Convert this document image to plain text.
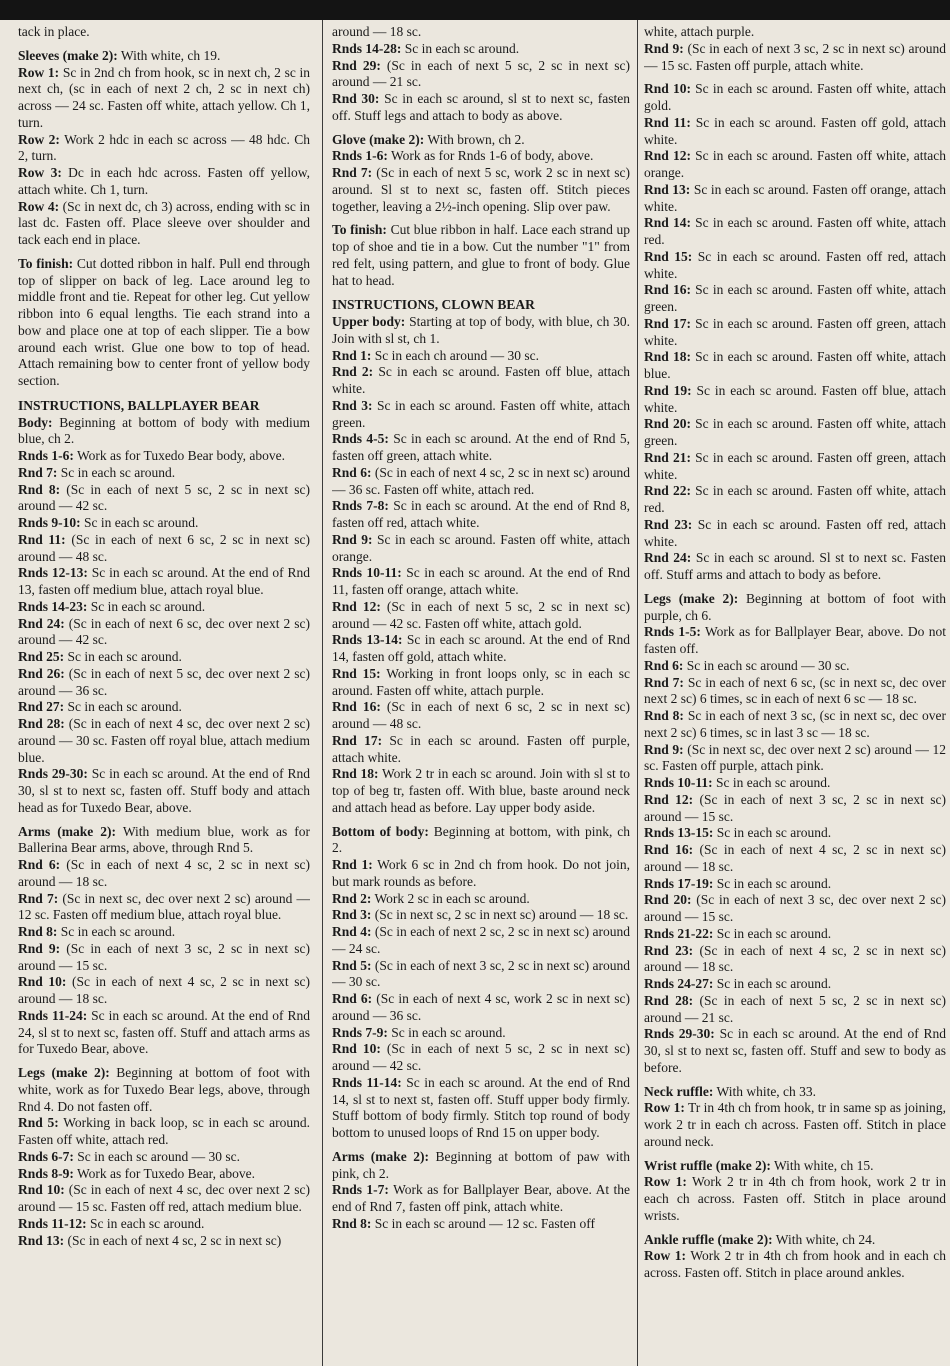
tack in place.

Sleeves (make 2): With white, ch 19.

Row 1: Sc in 2nd ch from hook, sc in next ch, 2 sc in next ch, (sc in each of next 2 ch, 2 sc in next ch) across — 24 sc. Fasten off white, attach yellow. Ch 1, turn.

Row 2: Work 2 hdc in each sc across — 48 hdc. Ch 2, turn.

Row 3: Dc in each hdc across. Fasten off yellow, attach white. Ch 1, turn.

Row 4: (Sc in next dc, ch 3) across, ending with sc in last dc. Fasten off. Place sleeve over shoulder and tack each end in place.

To finish: Cut dotted ribbon in half. Pull end through top of slipper on back of leg. Lace around leg to middle front and tie. Repeat for other leg. Cut yellow ribbon into 6 equal lengths. Tie each strand into a bow and place one at top of each slipper. Tie a bow around each wrist. Glue one bow to top of head. Attach remaining bow to center front of yellow body section.

INSTRUCTIONS, BALLPLAYER BEAR

Body: Beginning at bottom of body with medium blue, ch 2.

Rnds 1-6: Work as for Tuxedo Bear body, above.

Rnd 7: Sc in each sc around.

Rnd 8: (Sc in each of next 5 sc, 2 sc in next sc) around — 42 sc.

Rnds 9-10: Sc in each sc around.

Rnd 11: (Sc in each of next 6 sc, 2 sc in next sc) around — 48 sc.

Rnds 12-13: Sc in each sc around. At the end of Rnd 13, fasten off medium blue, attach royal blue.

Rnds 14-23: Sc in each sc around.

Rnd 24: (Sc in each of next 6 sc, dec over next 2 sc) around — 42 sc.

Rnd 25: Sc in each sc around.

Rnd 26: (Sc in each of next 5 sc, dec over next 2 sc) around — 36 sc.

Rnd 27: Sc in each sc around.

Rnd 28: (Sc in each of next 4 sc, dec over next 2 sc) around — 30 sc. Fasten off royal blue, attach medium blue.

Rnds 29-30: Sc in each sc around. At the end of Rnd 30, sl st to next sc, fasten off. Stuff body and attach head as for Tuxedo Bear, above.

Arms (make 2): With medium blue, work as for Ballerina Bear arms, above, through Rnd 5.

Rnd 6: (Sc in each of next 4 sc, 2 sc in next sc) around — 18 sc.

Rnd 7: (Sc in next sc, dec over next 2 sc) around — 12 sc. Fasten off medium blue, attach royal blue.

Rnd 8: Sc in each sc around.

Rnd 9: (Sc in each of next 3 sc, 2 sc in next sc) around — 15 sc.

Rnd 10: (Sc in each of next 4 sc, 2 sc in next sc) around — 18 sc.

Rnds 11-24: Sc in each sc around. At the end of Rnd 24, sl st to next sc, fasten off. Stuff and attach arms as for Tuxedo Bear, above.

Legs (make 2): Beginning at bottom of foot with white, work as for Tuxedo Bear legs, above, through Rnd 4. Do not fasten off.

Rnd 5: Working in back loop, sc in each sc around. Fasten off white, attach red.

Rnds 6-7: Sc in each sc around — 30 sc.

Rnds 8-9: Work as for Tuxedo Bear, above.

Rnd 10: (Sc in each of next 4 sc, dec over next 2 sc) around — 15 sc. Fasten off red, attach medium blue.

Rnds 11-12: Sc in each sc around.

Rnd 13: (Sc in each of next 4 sc, 2 sc in next sc)

around — 18 sc.

Rnds 14-28: Sc in each sc around.

Rnd 29: (Sc in each of next 5 sc, 2 sc in next sc) around — 21 sc.

Rnd 30: Sc in each sc around, sl st to next sc, fasten off. Stuff legs and attach to body as above.

Glove (make 2): With brown, ch 2.

Rnds 1-6: Work as for Rnds 1-6 of body, above.

Rnd 7: (Sc in each of next 5 sc, work 2 sc in next sc) around. Sl st to next sc, fasten off. Stitch pieces together, leaving a 2½-inch opening. Slip over paw.

To finish: Cut blue ribbon in half. Lace each strand up top of shoe and tie in a bow. Cut the number "1" from red felt, using pattern, and glue to front of body. Glue hat to head.

INSTRUCTIONS, CLOWN BEAR

Upper body: Starting at top of body, with blue, ch 30. Join with sl st, ch 1.

Rnd 1: Sc in each ch around — 30 sc.

Rnd 2: Sc in each sc around. Fasten off blue, attach white.

Rnd 3: Sc in each sc around. Fasten off white, attach green.

Rnds 4-5: Sc in each sc around. At the end of Rnd 5, fasten off green, attach white.

Rnd 6: (Sc in each of next 4 sc, 2 sc in next sc) around — 36 sc. Fasten off white, attach red.

Rnds 7-8: Sc in each sc around. At the end of Rnd 8, fasten off red, attach white.

Rnd 9: Sc in each sc around. Fasten off white, attach orange.

Rnds 10-11: Sc in each sc around. At the end of Rnd 11, fasten off orange, attach white.

Rnd 12: (Sc in each of next 5 sc, 2 sc in next sc) around — 42 sc. Fasten off white, attach gold.

Rnds 13-14: Sc in each sc around. At the end of Rnd 14, fasten off gold, attach white.

Rnd 15: Working in front loops only, sc in each sc around. Fasten off white, attach purple.

Rnd 16: (Sc in each of next 6 sc, 2 sc in next sc) around — 48 sc.

Rnd 17: Sc in each sc around. Fasten off purple, attach white.

Rnd 18: Work 2 tr in each sc around. Join with sl st to top of beg tr, fasten off. With blue, baste around neck and attach head as before. Lay upper body aside.

Bottom of body: Beginning at bottom, with pink, ch 2.

Rnd 1: Work 6 sc in 2nd ch from hook. Do not join, but mark rounds as before.

Rnd 2: Work 2 sc in each sc around.

Rnd 3: (Sc in next sc, 2 sc in next sc) around — 18 sc.

Rnd 4: (Sc in each of next 2 sc, 2 sc in next sc) around — 24 sc.

Rnd 5: (Sc in each of next 3 sc, 2 sc in next sc) around — 30 sc.

Rnd 6: (Sc in each of next 4 sc, work 2 sc in next sc) around — 36 sc.

Rnds 7-9: Sc in each sc around.

Rnd 10: (Sc in each of next 5 sc, 2 sc in next sc) around — 42 sc.

Rnds 11-14: Sc in each sc around. At the end of Rnd 14, sl st to next st, fasten off. Stuff upper body firmly. Stuff bottom of body firmly. Stitch top round of body bottom to unused loops of Rnd 15 on upper body.

Arms (make 2): Beginning at bottom of paw with pink, ch 2.

Rnds 1-7: Work as for Ballplayer Bear, above. At the end of Rnd 7, fasten off pink, attach white.

Rnd 8: Sc in each sc around — 12 sc. Fasten off

white, attach purple.

Rnd 9: (Sc in each of next 3 sc, 2 sc in next sc) around — 15 sc. Fasten off purple, attach white.

Rnd 10: Sc in each sc around. Fasten off white, attach gold.

Rnd 11: Sc in each sc around. Fasten off gold, attach white.

Rnd 12: Sc in each sc around. Fasten off white, attach orange.

Rnd 13: Sc in each sc around. Fasten off orange, attach white.

Rnd 14: Sc in each sc around. Fasten off white, attach red.

Rnd 15: Sc in each sc around. Fasten off red, attach white.

Rnd 16: Sc in each sc around. Fasten off white, attach green.

Rnd 17: Sc in each sc around. Fasten off green, attach white.

Rnd 18: Sc in each sc around. Fasten off white, attach blue.

Rnd 19: Sc in each sc around. Fasten off blue, attach white.

Rnd 20: Sc in each sc around. Fasten off white, attach green.

Rnd 21: Sc in each sc around. Fasten off green, attach white.

Rnd 22: Sc in each sc around. Fasten off white, attach red.

Rnd 23: Sc in each sc around. Fasten off red, attach white.

Rnd 24: Sc in each sc around. Sl st to next sc. Fasten off. Stuff arms and attach to body as before.

Legs (make 2): Beginning at bottom of foot with purple, ch 6.

Rnds 1-5: Work as for Ballplayer Bear, above. Do not fasten off.

Rnd 6: Sc in each sc around — 30 sc.

Rnd 7: Sc in each of next 6 sc, (sc in next sc, dec over next 2 sc) 6 times, sc in each of next 6 sc — 18 sc.

Rnd 8: Sc in each of next 3 sc, (sc in next sc, dec over next 2 sc) 6 times, sc in last 3 sc — 18 sc.

Rnd 9: (Sc in next sc, dec over next 2 sc) around — 12 sc. Fasten off purple, attach pink.

Rnds 10-11: Sc in each sc around.

Rnd 12: (Sc in each of next 3 sc, 2 sc in next sc) around — 15 sc.

Rnds 13-15: Sc in each sc around.

Rnd 16: (Sc in each of next 4 sc, 2 sc in next sc) around — 18 sc.

Rnds 17-19: Sc in each sc around.

Rnd 20: (Sc in each of next 3 sc, dec over next 2 sc) around — 15 sc.

Rnds 21-22: Sc in each sc around.

Rnd 23: (Sc in each of next 4 sc, 2 sc in next sc) around — 18 sc.

Rnds 24-27: Sc in each sc around.

Rnd 28: (Sc in each of next 5 sc, 2 sc in next sc) around — 21 sc.

Rnds 29-30: Sc in each sc around. At the end of Rnd 30, sl st to next sc, fasten off. Stuff and sew to body as before.

Neck ruffle: With white, ch 33.

Row 1: Tr in 4th ch from hook, tr in same sp as joining, work 2 tr in each ch across. Fasten off. Stitch in place around neck.

Wrist ruffle (make 2): With white, ch 15.

Row 1: Work 2 tr in 4th ch from hook, work 2 tr in each ch across. Fasten off. Stitch in place around wrists.

Ankle ruffle (make 2): With white, ch 24.

Row 1: Work 2 tr in 4th ch from hook and in each ch across. Fasten off. Stitch in place around ankles.
